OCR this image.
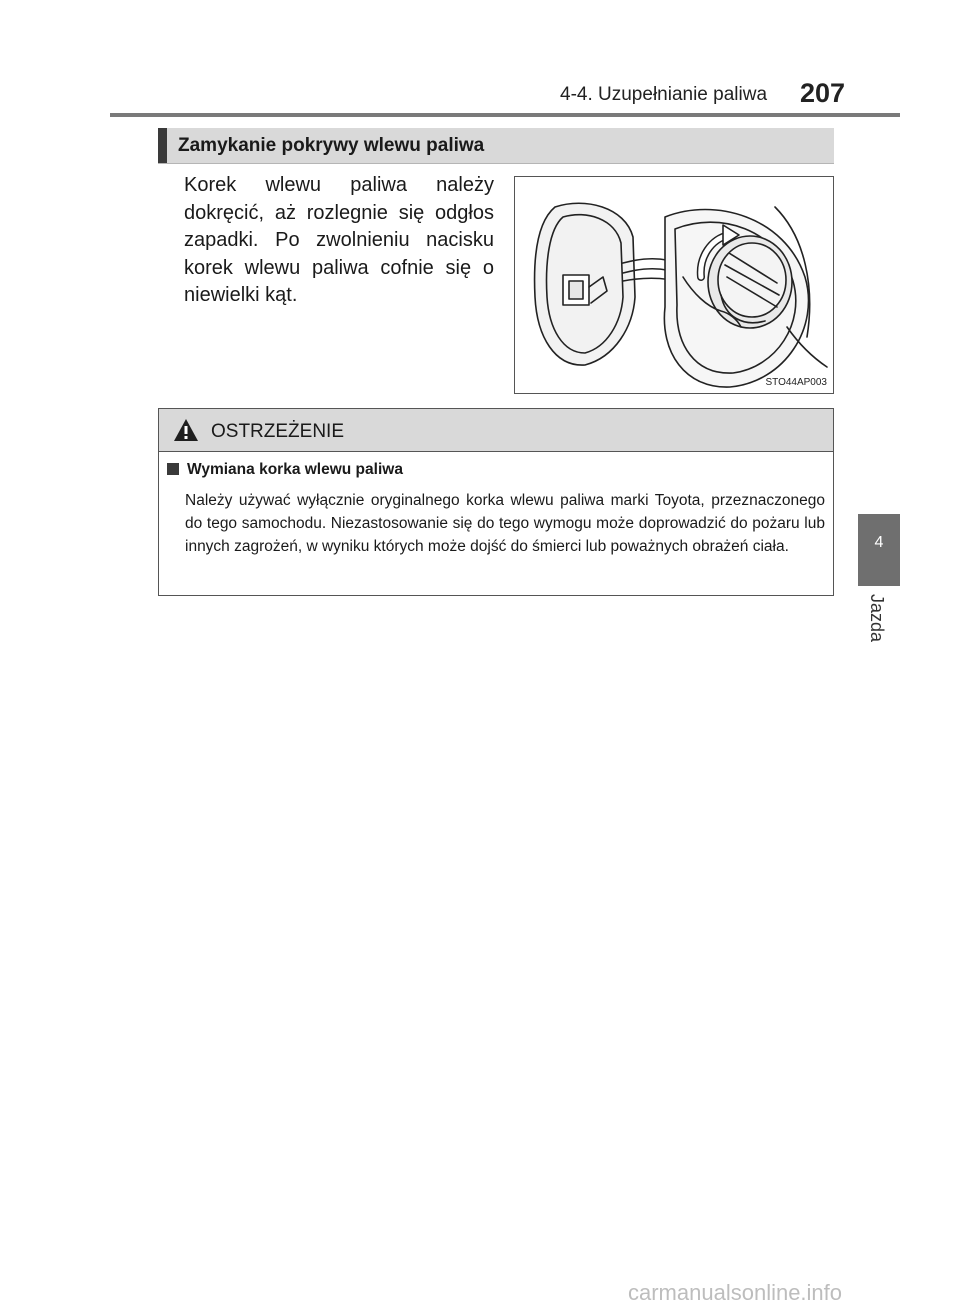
4-4. Uzupełnianie paliwa 207
4
Jazda
Zamykanie pokrywy wlewu paliwa
Korek wlewu paliwa należy dokręcić, aż rozlegnie się odgłos zapadki. Po zwolnieniu nacisku korek wlewu paliwa cofnie się o niewielki kąt.
STO44AP003
OSTRZEŻENIE
Wymiana korka wlewu paliwa
Należy używać wyłącznie oryginalnego korka wlewu paliwa marki Toyota, przeznaczonego do tego samochodu. Niezastosowanie się do tego wymogu może doprowadzić do pożaru lub innych zagrożeń, w wyniku których może dojść do śmierci lub poważnych obrażeń ciała.
carmanualsonline.info
